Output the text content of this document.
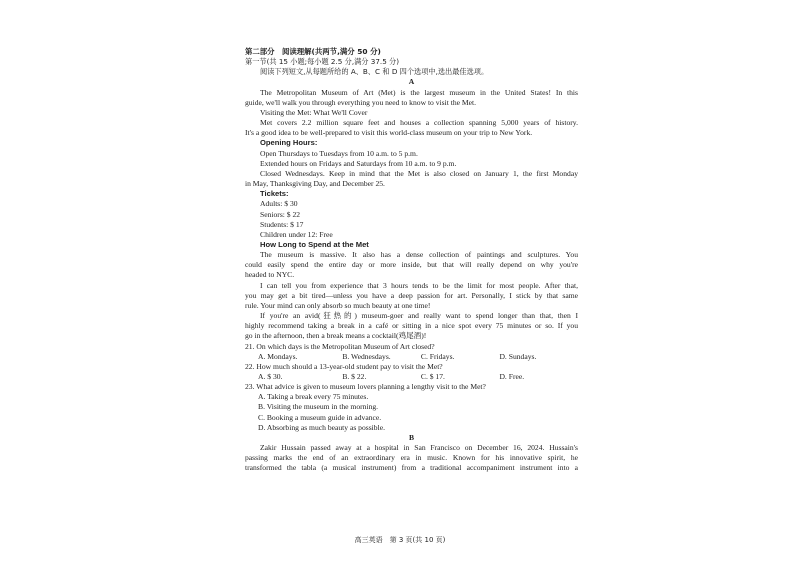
第二部分　阅读理解(共两节,满分 50 分)
第一节(共 15 小题;每小题 2.5 分,满分 37.5 分)
阅读下列短文,从每题所给的 A、B、C 和 D 四个选项中,选出最佳选项。
A
The Metropolitan Museum of Art (Met) is the largest museum in the United States! In this
guide, we'll walk you through everything you need to know to visit the Met.
Visiting the Met: What We'll Cover
Met covers 2.2 million square feet and houses a collection spanning 5,000 years of history.
It's a good idea to be well-prepared to visit this world-class museum on your trip to New York.
Opening Hours:
Open Thursdays to Tuesdays from 10 a.m. to 5 p.m.
Extended hours on Fridays and Saturdays from 10 a.m. to 9 p.m.
Closed Wednesdays. Keep in mind that the Met is also closed on January 1, the first Monday
in May, Thanksgiving Day, and December 25.
Tickets:
Adults: $ 30
Seniors: $ 22
Students: $ 17
Children under 12: Free
How Long to Spend at the Met
The museum is massive. It also has a dense collection of paintings and sculptures. You
could easily spend the entire day or more inside, but that will really depend on why you're
headed to NYC.
I can tell you from experience that 3 hours tends to be the limit for most people. After that,
you may get a bit tired—unless you have a deep passion for art. Personally, I stick by that same
rule. Your mind can only absorb so much beauty at one time!
If you're an avid(狂热的) museum-goer and really want to spend longer than that, then I
highly recommend taking a break in a café or sitting in a nice spot every 75 minutes or so. If you
go in the afternoon, then a break means a cocktail(鸡尾酒)!
21. On which days is the Metropolitan Museum of Art closed?
A. Mondays.	B. Wednesdays.	C. Fridays.	D. Sundays.
22. How much should a 13-year-old student pay to visit the Met?
A. $ 30.	B. $ 22.	C. $ 17.	D. Free.
23. What advice is given to museum lovers planning a lengthy visit to the Met?
A. Taking a break every 75 minutes.
B. Visiting the museum in the morning.
C. Booking a museum guide in advance.
D. Absorbing as much beauty as possible.
B
Zakir Hussain passed away at a hospital in San Francisco on December 16, 2024. Hussain's
passing marks the end of an extraordinary era in music. Known for his innovative spirit, he
transformed the tabla (a musical instrument) from a traditional accompaniment instrument into a
高三英语　第 3 页(共 10 页)
